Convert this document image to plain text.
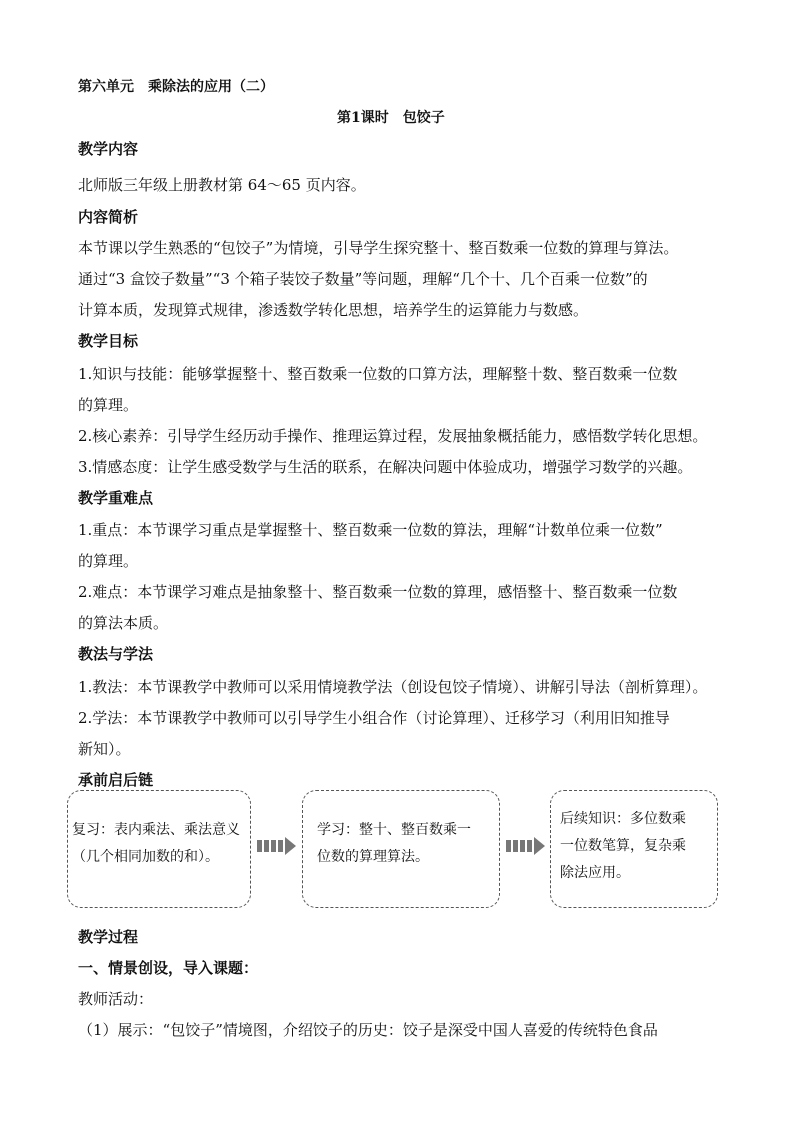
第六单元　乘除法的应用（二）
第1课时　包饺子
教学内容
北师版三年级上册教材第 64～65 页内容。
内容简析
本节课以学生熟悉的“包饺子”为情境，引导学生探究整十、整百数乘一位数的算理与算法。
通过“3 盒饺子数量”“3 个箱子装饺子数量”等问题，理解“几个十、几个百乘一位数”的
计算本质，发现算式规律，渗透数学转化思想，培养学生的运算能力与数感。
教学目标
1.知识与技能：能够掌握整十、整百数乘一位数的口算方法，理解整十数、整百数乘一位数
的算理。
2.核心素养：引导学生经历动手操作、推理运算过程，发展抽象概括能力，感悟数学转化思想。
3.情感态度：让学生感受数学与生活的联系，在解决问题中体验成功，增强学习数学的兴趣。
教学重难点
1.重点：本节课学习重点是掌握整十、整百数乘一位数的算法，理解“计数单位乘一位数”
的算理。
2.难点：本节课学习难点是抽象整十、整百数乘一位数的算理，感悟整十、整百数乘一位数
的算法本质。
教法与学法
1.教法：本节课教学中教师可以采用情境教学法（创设包饺子情境）、讲解引导法（剖析算理）。
2.学法：本节课教学中教师可以引导学生小组合作（讨论算理）、迁移学习（利用旧知推导
新知）。
承前启后链
复习：表内乘法、乘法意义
（几个相同加数的和）。
学习：整十、整百数乘一
位数的算理算法。
后续知识：多位数乘
一位数笔算，复杂乘
除法应用。
教学过程
一、情景创设，导入课题：
教师活动：
（1）展示：“包饺子”情境图，介绍饺子的历史：饺子是深受中国人喜爱的传统特色食品
